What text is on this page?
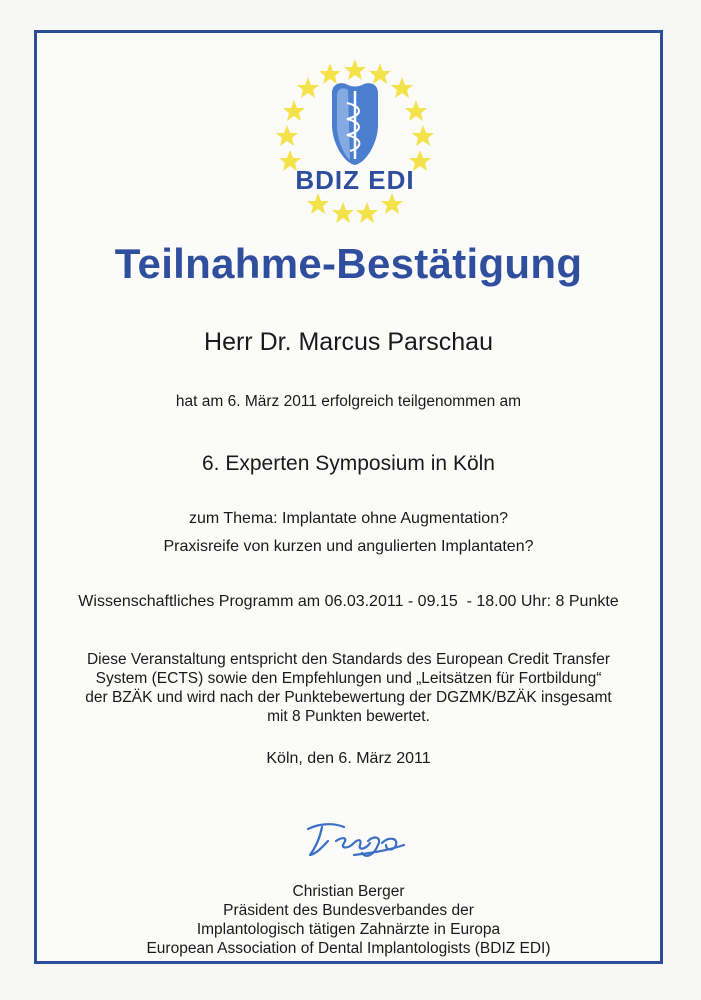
BDIZ EDI
Teilnahme-Bestätigung
Herr Dr. Marcus Parschau
hat am 6. März 2011 erfolgreich teilgenommen am
6. Experten Symposium in Köln
zum Thema: Implantate ohne Augmentation?
Praxisreife von kurzen und angulierten Implantaten?
Wissenschaftliches Programm am 06.03.2011 - 09.15  - 18.00 Uhr: 8 Punkte
Diese Veranstaltung entspricht den Standards des European Credit Transfer
System (ECTS) sowie den Empfehlungen und „Leitsätzen für Fortbildung“
der BZÄK und wird nach der Punktebewertung der DGZMK/BZÄK insgesamt
mit 8 Punkten bewertet.
Köln, den 6. März 2011
Christian Berger
Präsident des Bundesverbandes der
Implantologisch tätigen Zahnärzte in Europa
European Association of Dental Implantologists (BDIZ EDI)
